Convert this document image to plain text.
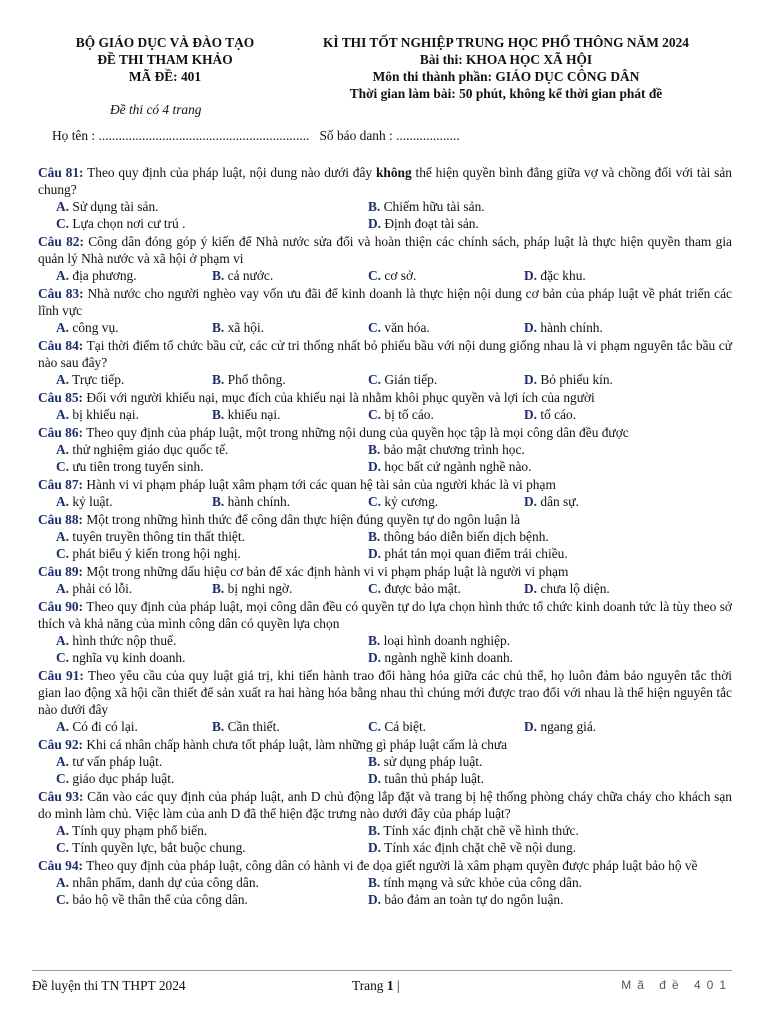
BỘ GIÁO DỤC VÀ ĐÀO TẠO
ĐỀ THI THAM KHẢO
MÃ ĐỀ: 401
KÌ THI TỐT NGHIỆP TRUNG HỌC PHỔ THÔNG NĂM 2024
Bài thi: KHOA HỌC XÃ HỘI
Môn thi thành phần: GIÁO DỤC CÔNG DÂN
Thời gian làm bài: 50 phút, không kể thời gian phát đề
Đề thi có 4 trang
Họ tên : ............................................................... Số báo danh : ...................
Câu 81: Theo quy định của pháp luật, nội dung nào dưới đây không thể hiện quyền bình đẳng giữa vợ và chồng đối với tài sản chung?
A. Sử dụng tài sản.	B. Chiếm hữu tài sản.
C. Lựa chọn nơi cư trú .	D. Định đoạt tài sản.
Câu 82: Công dân đóng góp ý kiến để Nhà nước sửa đổi và hoàn thiện các chính sách, pháp luật là thực hiện quyền tham gia quản lý Nhà nước và xã hội ở phạm vi
A. địa phương.	B. cả nước.	C. cơ sở.	D. đặc khu.
Câu 83: Nhà nước cho người nghèo vay vốn ưu đãi để kinh doanh là thực hiện nội dung cơ bản của pháp luật về phát triển các lĩnh vực
A. công vụ.	B. xã hội.	C. văn hóa.	D. hành chính.
Câu 84: Tại thời điểm tổ chức bầu cử, các cử tri thống nhất bỏ phiếu bầu với nội dung giống nhau là vi phạm nguyên tắc bầu cử nào sau đây?
A. Trực tiếp.	B. Phổ thông.	C. Gián tiếp.	D. Bỏ phiếu kín.
Câu 85: Đối với người khiếu nại, mục đích của khiếu nại là nhằm khôi phục quyền và lợi ích của người
A. bị khiếu nại.	B. khiếu nại.	C. bị tố cáo.	D. tố cáo.
Câu 86: Theo quy định của pháp luật, một trong những nội dung của quyền học tập là mọi công dân đều được
A. thử nghiệm giáo dục quốc tế.	B. bảo mật chương trình học.
C. ưu tiên trong tuyển sinh.	D. học bất cứ ngành nghề nào.
Câu 87: Hành vi vi phạm pháp luật xâm phạm tới các quan hệ tài sản của người khác là vi phạm
A. kỷ luật.	B. hành chính.	C. kỷ cương.	D. dân sự.
Câu 88: Một trong những hình thức để công dân thực hiện đúng quyền tự do ngôn luận là
A. tuyên truyền thông tin thất thiệt.	B. thông báo diễn biến dịch bệnh.
C. phát biểu ý kiến trong hội nghị.	D. phát tán mọi quan điểm trái chiều.
Câu 89: Một trong những dấu hiệu cơ bản để xác định hành vi vi phạm pháp luật là người vi phạm
A. phải có lỗi.	B. bị nghi ngờ.	C. được bảo mật.	D. chưa lộ diện.
Câu 90: Theo quy định của pháp luật, mọi công dân đều có quyền tự do lựa chọn hình thức tổ chức kinh doanh tức là tùy theo sở thích và khả năng của mình công dân có quyền lựa chọn
A. hình thức nộp thuế.	B. loại hình doanh nghiệp.
C. nghĩa vụ kinh doanh.	D. ngành nghề kinh doanh.
Câu 91: Theo yêu cầu của quy luật giá trị, khi tiến hành trao đổi hàng hóa giữa các chủ thể, họ luôn đảm bảo nguyên tắc thời gian lao động xã hội cần thiết để sản xuất ra hai hàng hóa bằng nhau thì chúng mới được trao đổi với nhau là thể hiện nguyên tắc nào dưới đây
A. Có đi có lại.	B. Cần thiết.	C. Cá biệt.	D. ngang giá.
Câu 92: Khi cá nhân chấp hành chưa tốt pháp luật, làm những gì pháp luật cấm là chưa
A. tư vấn pháp luật.	B. sử dụng pháp luật.
C. giáo dục pháp luật.	D. tuân thủ pháp luật.
Câu 93: Căn vào các quy định của pháp luật, anh D chủ động lắp đặt và trang bị hệ thống phòng cháy chữa cháy cho khách sạn do mình làm chủ. Việc làm của anh D đã thể hiện đặc trưng nào dưới đây của pháp luật?
A. Tính quy phạm phổ biến.	B. Tính xác định chặt chẽ về hình thức.
C. Tính quyền lực, bắt buộc chung.	D. Tính xác định chặt chẽ về nội dung.
Câu 94: Theo quy định của pháp luật, công dân có hành vi đe dọa giết người là xâm phạm quyền được pháp luật bảo hộ về
A. nhân phẩm, danh dự của công dân.	B. tính mạng và sức khỏe của công dân.
C. bảo hộ về thân thể của công dân.	D. bảo đảm an toàn tự do ngôn luận.
Đề luyện thi TN THPT 2024	Trang 1 |	Mã đề 401
